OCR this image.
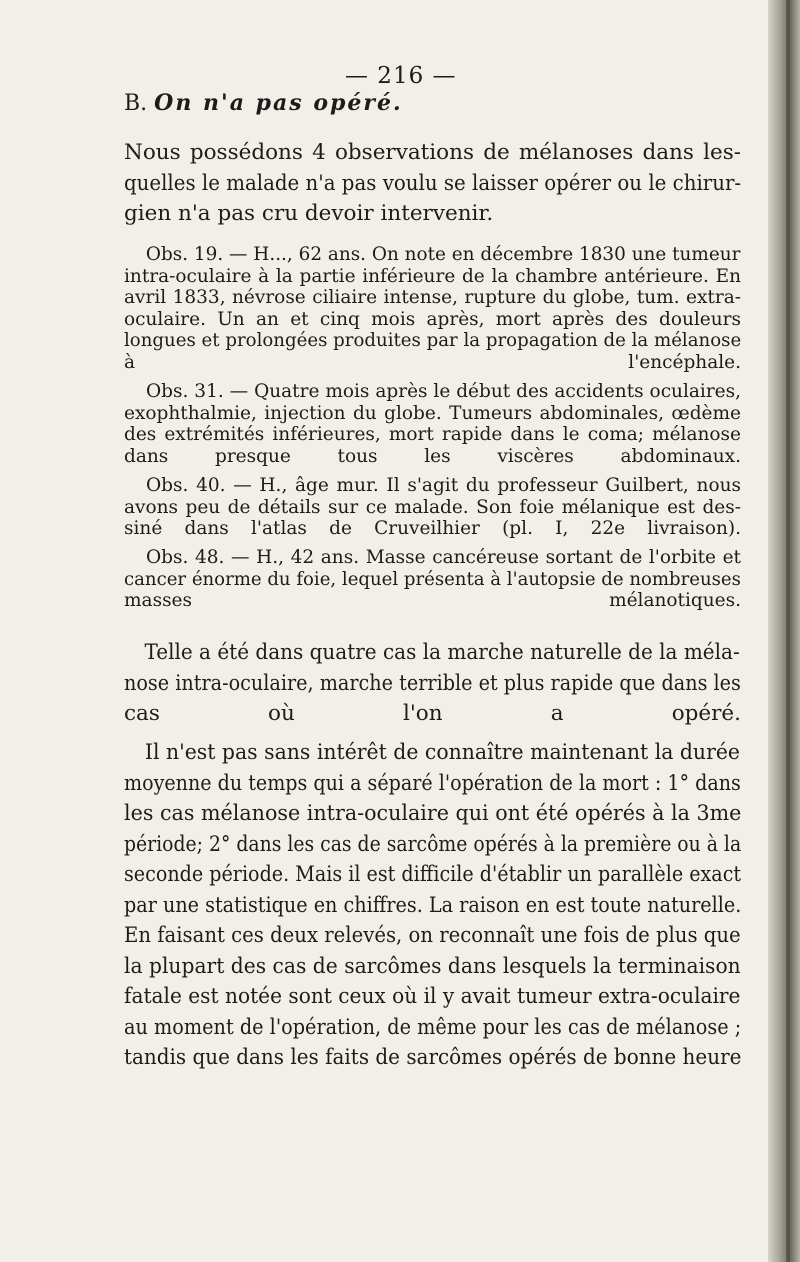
— 216 —
B. On n'a pas opéré.
Nous possédons 4 observations de mélanoses dans les-
quelles le malade n'a pas voulu se laisser opérer ou le chirur-
gien n'a pas cru devoir intervenir.
Obs. 19. — H..., 62 ans. On note en décembre 1830 une tumeur
intra-oculaire à la partie inférieure de la chambre antérieure. En
avril 1833, névrose ciliaire intense, rupture du globe, tum. extra-
oculaire. Un an et cinq mois après, mort après des douleurs
longues et prolongées produites par la propagation de la mélanose
à l'encéphale.
Obs. 31. — Quatre mois après le début des accidents oculaires,
exophthalmie, injection du globe. Tumeurs abdominales, œdème
des extrémités inférieures, mort rapide dans le coma; mélanose
dans presque tous les viscères abdominaux.
Obs. 40. — H., âge mur. Il s'agit du professeur Guilbert, nous
avons peu de détails sur ce malade. Son foie mélanique est des-
siné dans l'atlas de Cruveilhier (pl. I, 22e livraison).
Obs. 48. — H., 42 ans. Masse cancéreuse sortant de l'orbite et
cancer énorme du foie, lequel présenta à l'autopsie de nombreuses
masses mélanotiques.
Telle a été dans quatre cas la marche naturelle de la méla-
nose intra-oculaire, marche terrible et plus rapide que dans les
cas où l'on a opéré.
Il n'est pas sans intérêt de connaître maintenant la durée
moyenne du temps qui a séparé l'opération de la mort : 1° dans
les cas mélanose intra-oculaire qui ont été opérés à la 3me
période; 2° dans les cas de sarcôme opérés à la première ou à la
seconde période. Mais il est difficile d'établir un parallèle exact
par une statistique en chiffres. La raison en est toute naturelle.
En faisant ces deux relevés, on reconnaît une fois de plus que
la plupart des cas de sarcômes dans lesquels la terminaison
fatale est notée sont ceux où il y avait tumeur extra-oculaire
au moment de l'opération, de même pour les cas de mélanose ;
tandis que dans les faits de sarcômes opérés de bonne heure
